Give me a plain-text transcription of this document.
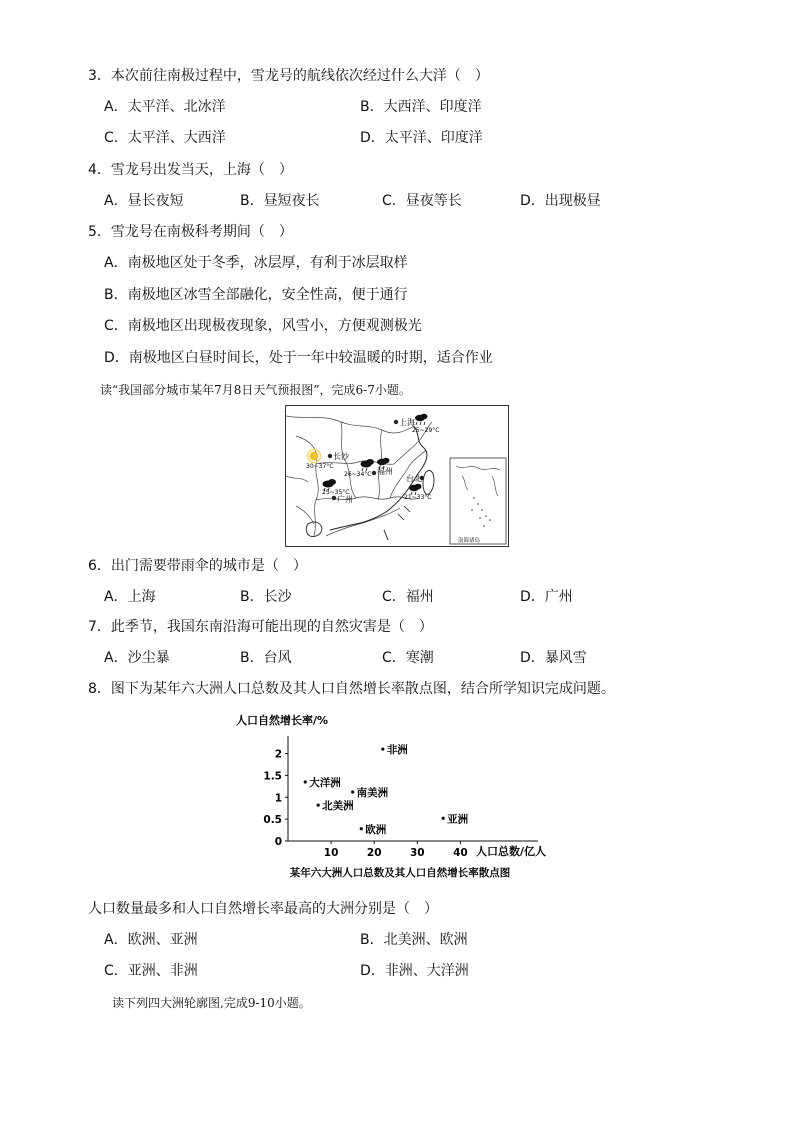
3．本次前往南极过程中，雪龙号的航线依次经过什么大洋（　）
A．太平洋、北冰洋	B．大西洋、印度洋
C．太平洋、大西洋	D．太平洋、印度洋
4．雪龙号出发当天，上海（　）
A．昼长夜短	B．昼短夜长	C．昼夜等长	D．出现极昼
5．雪龙号在南极科考期间（　）
A．南极地区处于冬季，冰层厚，有利于冰层取样
B．南极地区冰雪全部融化，安全性高，便于通行
C．南极地区出现极夜现象，风雪小，方便观测极光
D．南极地区白昼时间长，处于一年中较温暖的时期，适合作业
读“我国部分城市某年7月8日天气预报图”，完成6-7小题。
上海
25~29°C
长沙
30~37°C
福州
26~34°C	台北
21~33°C
广州
25~35°C
南海诸岛
6．出门需要带雨伞的城市是（　）
A．上海	B．长沙	C．福州	D．广州
7．此季节，我国东南沿海可能出现的自然灾害是（　）
A．沙尘暴	B．台风	C．寒潮	D．暴风雪
8．图下为某年六大洲人口总数及其人口自然增长率散点图，结合所学知识完成问题。
人口自然增长率/%
0
0.5
1
1.5
2
10	20	30	40
非洲
大洋洲
南美洲
北美洲
欧洲
亚洲
人口总数/亿人
某年六大洲人口总数及其人口自然增长率散点图
人口数量最多和人口自然增长率最高的大洲分别是（　）
A．欧洲、亚洲	B．北美洲、欧洲
C．亚洲、非洲	D．非洲、大洋洲
读下列四大洲轮廓图,完成9-10小题。
